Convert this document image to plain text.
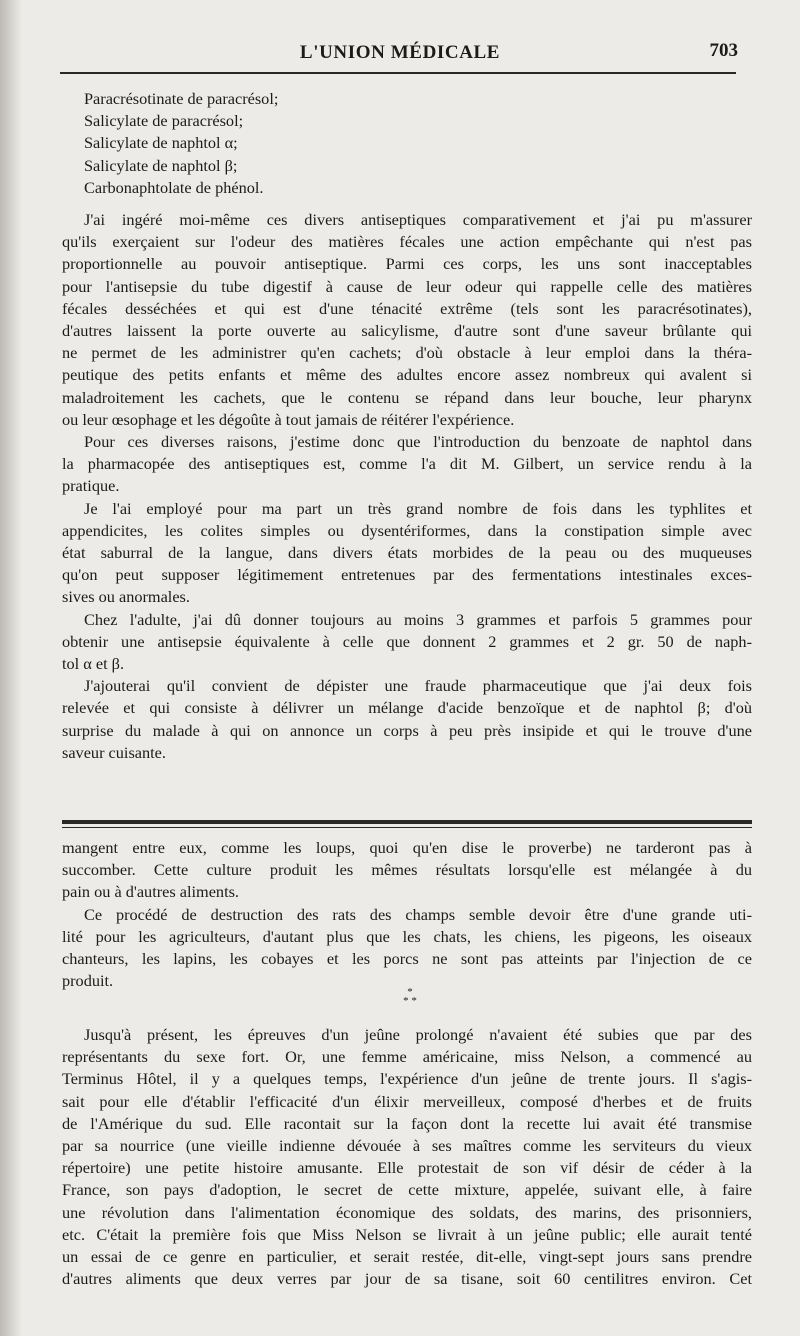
L'UNION MÉDICALE	703
Paracrésotinate de paracrésol;
Salicylate de paracrésol;
Salicylate de naphtol α;
Salicylate de naphtol β;
Carbonaphtolate de phénol.
J'ai ingéré moi-même ces divers antiseptiques comparativement et j'ai pu m'assurer
qu'ils exerçaient sur l'odeur des matières fécales une action empêchante qui n'est pas
proportionnelle au pouvoir antiseptique. Parmi ces corps, les uns sont inacceptables
pour l'antisepsie du tube digestif à cause de leur odeur qui rappelle celle des matières
fécales desséchées et qui est d'une ténacité extrême (tels sont les paracrésotinates),
d'autres laissent la porte ouverte au salicylisme, d'autre sont d'une saveur brûlante qui
ne permet de les administrer qu'en cachets; d'où obstacle à leur emploi dans la théra-
peutique des petits enfants et même des adultes encore assez nombreux qui avalent si
maladroitement les cachets, que le contenu se répand dans leur bouche, leur pharynx
ou leur œsophage et les dégoûte à tout jamais de réitérer l'expérience.
Pour ces diverses raisons, j'estime donc que l'introduction du benzoate de naphtol dans
la pharmacopée des antiseptiques est, comme l'a dit M. Gilbert, un service rendu à la
pratique.
Je l'ai employé pour ma part un très grand nombre de fois dans les typhlites et
appendicites, les colites simples ou dysentériformes, dans la constipation simple avec
état saburral de la langue, dans divers états morbides de la peau ou des muqueuses
qu'on peut supposer légitimement entretenues par des fermentations intestinales exces-
sives ou anormales.
Chez l'adulte, j'ai dû donner toujours au moins 3 grammes et parfois 5 grammes pour
obtenir une antisepsie équivalente à celle que donnent 2 grammes et 2 gr. 50 de naph-
tol α et β.
J'ajouterai qu'il convient de dépister une fraude pharmaceutique que j'ai deux fois
relevée et qui consiste à délivrer un mélange d'acide benzoïque et de naphtol β; d'où
surprise du malade à qui on annonce un corps à peu près insipide et qui le trouve d'une
saveur cuisante.
mangent entre eux, comme les loups, quoi qu'en dise le proverbe) ne tarderont pas à
succomber. Cette culture produit les mêmes résultats lorsqu'elle est mélangée à du
pain ou à d'autres aliments.
Ce procédé de destruction des rats des champs semble devoir être d'une grande uti-
lité pour les agriculteurs, d'autant plus que les chats, les chiens, les pigeons, les oiseaux
chanteurs, les lapins, les cobayes et les porcs ne sont pas atteints par l'injection de ce
produit.
*
* *
Jusqu'à présent, les épreuves d'un jeûne prolongé n'avaient été subies que par des
représentants du sexe fort. Or, une femme américaine, miss Nelson, a commencé au
Terminus Hôtel, il y a quelques temps, l'expérience d'un jeûne de trente jours. Il s'agis-
sait pour elle d'établir l'efficacité d'un élixir merveilleux, composé d'herbes et de fruits
de l'Amérique du sud. Elle racontait sur la façon dont la recette lui avait été transmise
par sa nourrice (une vieille indienne dévouée à ses maîtres comme les serviteurs du vieux
répertoire) une petite histoire amusante. Elle protestait de son vif désir de céder à la
France, son pays d'adoption, le secret de cette mixture, appelée, suivant elle, à faire
une révolution dans l'alimentation économique des soldats, des marins, des prisonniers,
etc. C'était la première fois que Miss Nelson se livrait à un jeûne public; elle aurait tenté
un essai de ce genre en particulier, et serait restée, dit-elle, vingt-sept jours sans prendre
d'autres aliments que deux verres par jour de sa tisane, soit 60 centilitres environ. Cet
